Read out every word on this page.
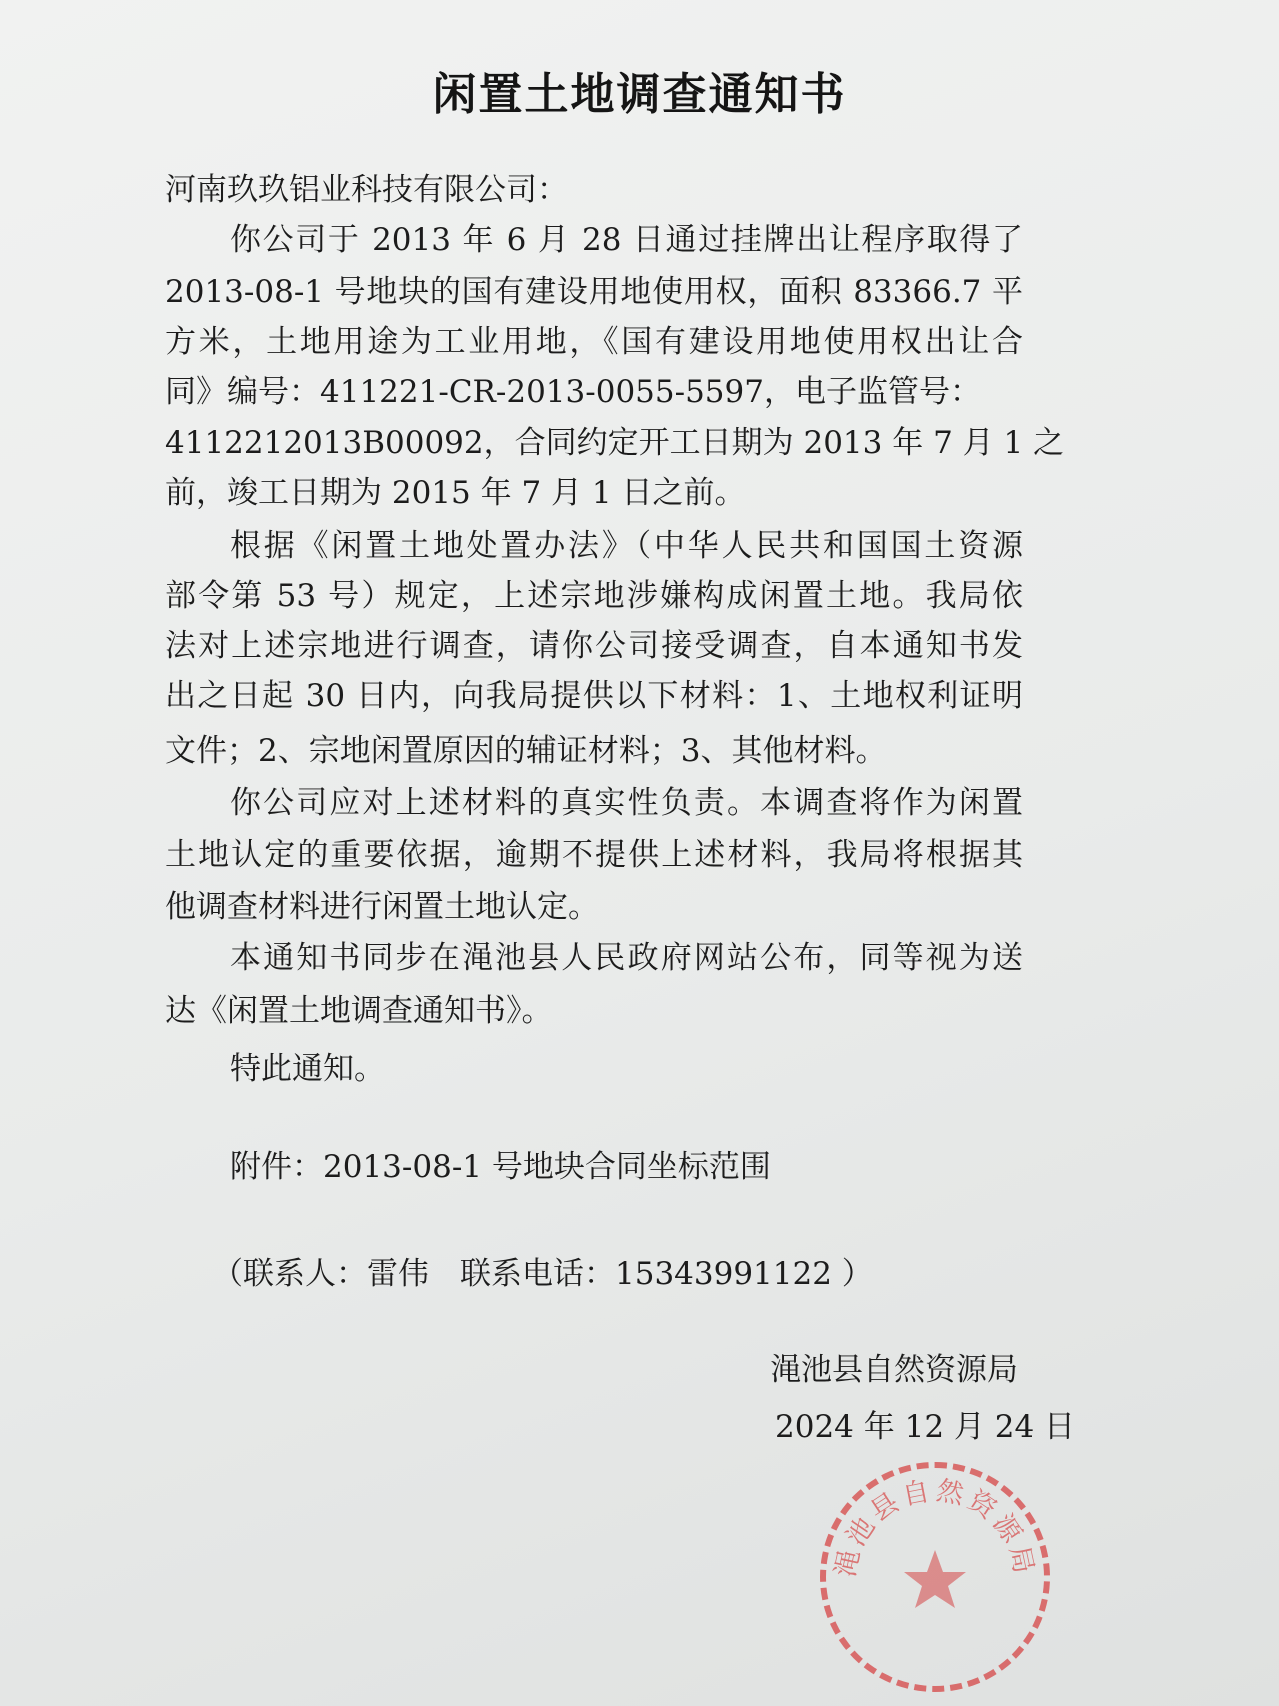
闲置土地调查通知书
河南玖玖铝业科技有限公司：
你公司于 2013 年 6 月 28 日通过挂牌出让程序取得了
2013-08-1 号地块的国有建设用地使用权，面积 83366.7 平
方米，土地用途为工业用地，《国有建设用地使用权出让合
同》编号：411221-CR-2013-0055-5597，电子监管号：
4112212013B00092，合同约定开工日期为 2013 年 7 月 1 之
前，竣工日期为 2015 年 7 月 1 日之前。
根据《闲置土地处置办法》（中华人民共和国国土资源
部令第 53 号）规定，上述宗地涉嫌构成闲置土地。我局依
法对上述宗地进行调查，请你公司接受调查，自本通知书发
出之日起 30 日内，向我局提供以下材料：1、土地权利证明
文件；2、宗地闲置原因的辅证材料；3、其他材料。
你公司应对上述材料的真实性负责。本调查将作为闲置
土地认定的重要依据，逾期不提供上述材料，我局将根据其
他调查材料进行闲置土地认定。
本通知书同步在渑池县人民政府网站公布，同等视为送
达《闲置土地调查通知书》。
特此通知。
附件：2013-08-1 号地块合同坐标范围
（联系人：雷伟　联系电话：15343991122 ）
渑池县自然资源局
2024 年 12 月 24 日
渑池县自然资源局
